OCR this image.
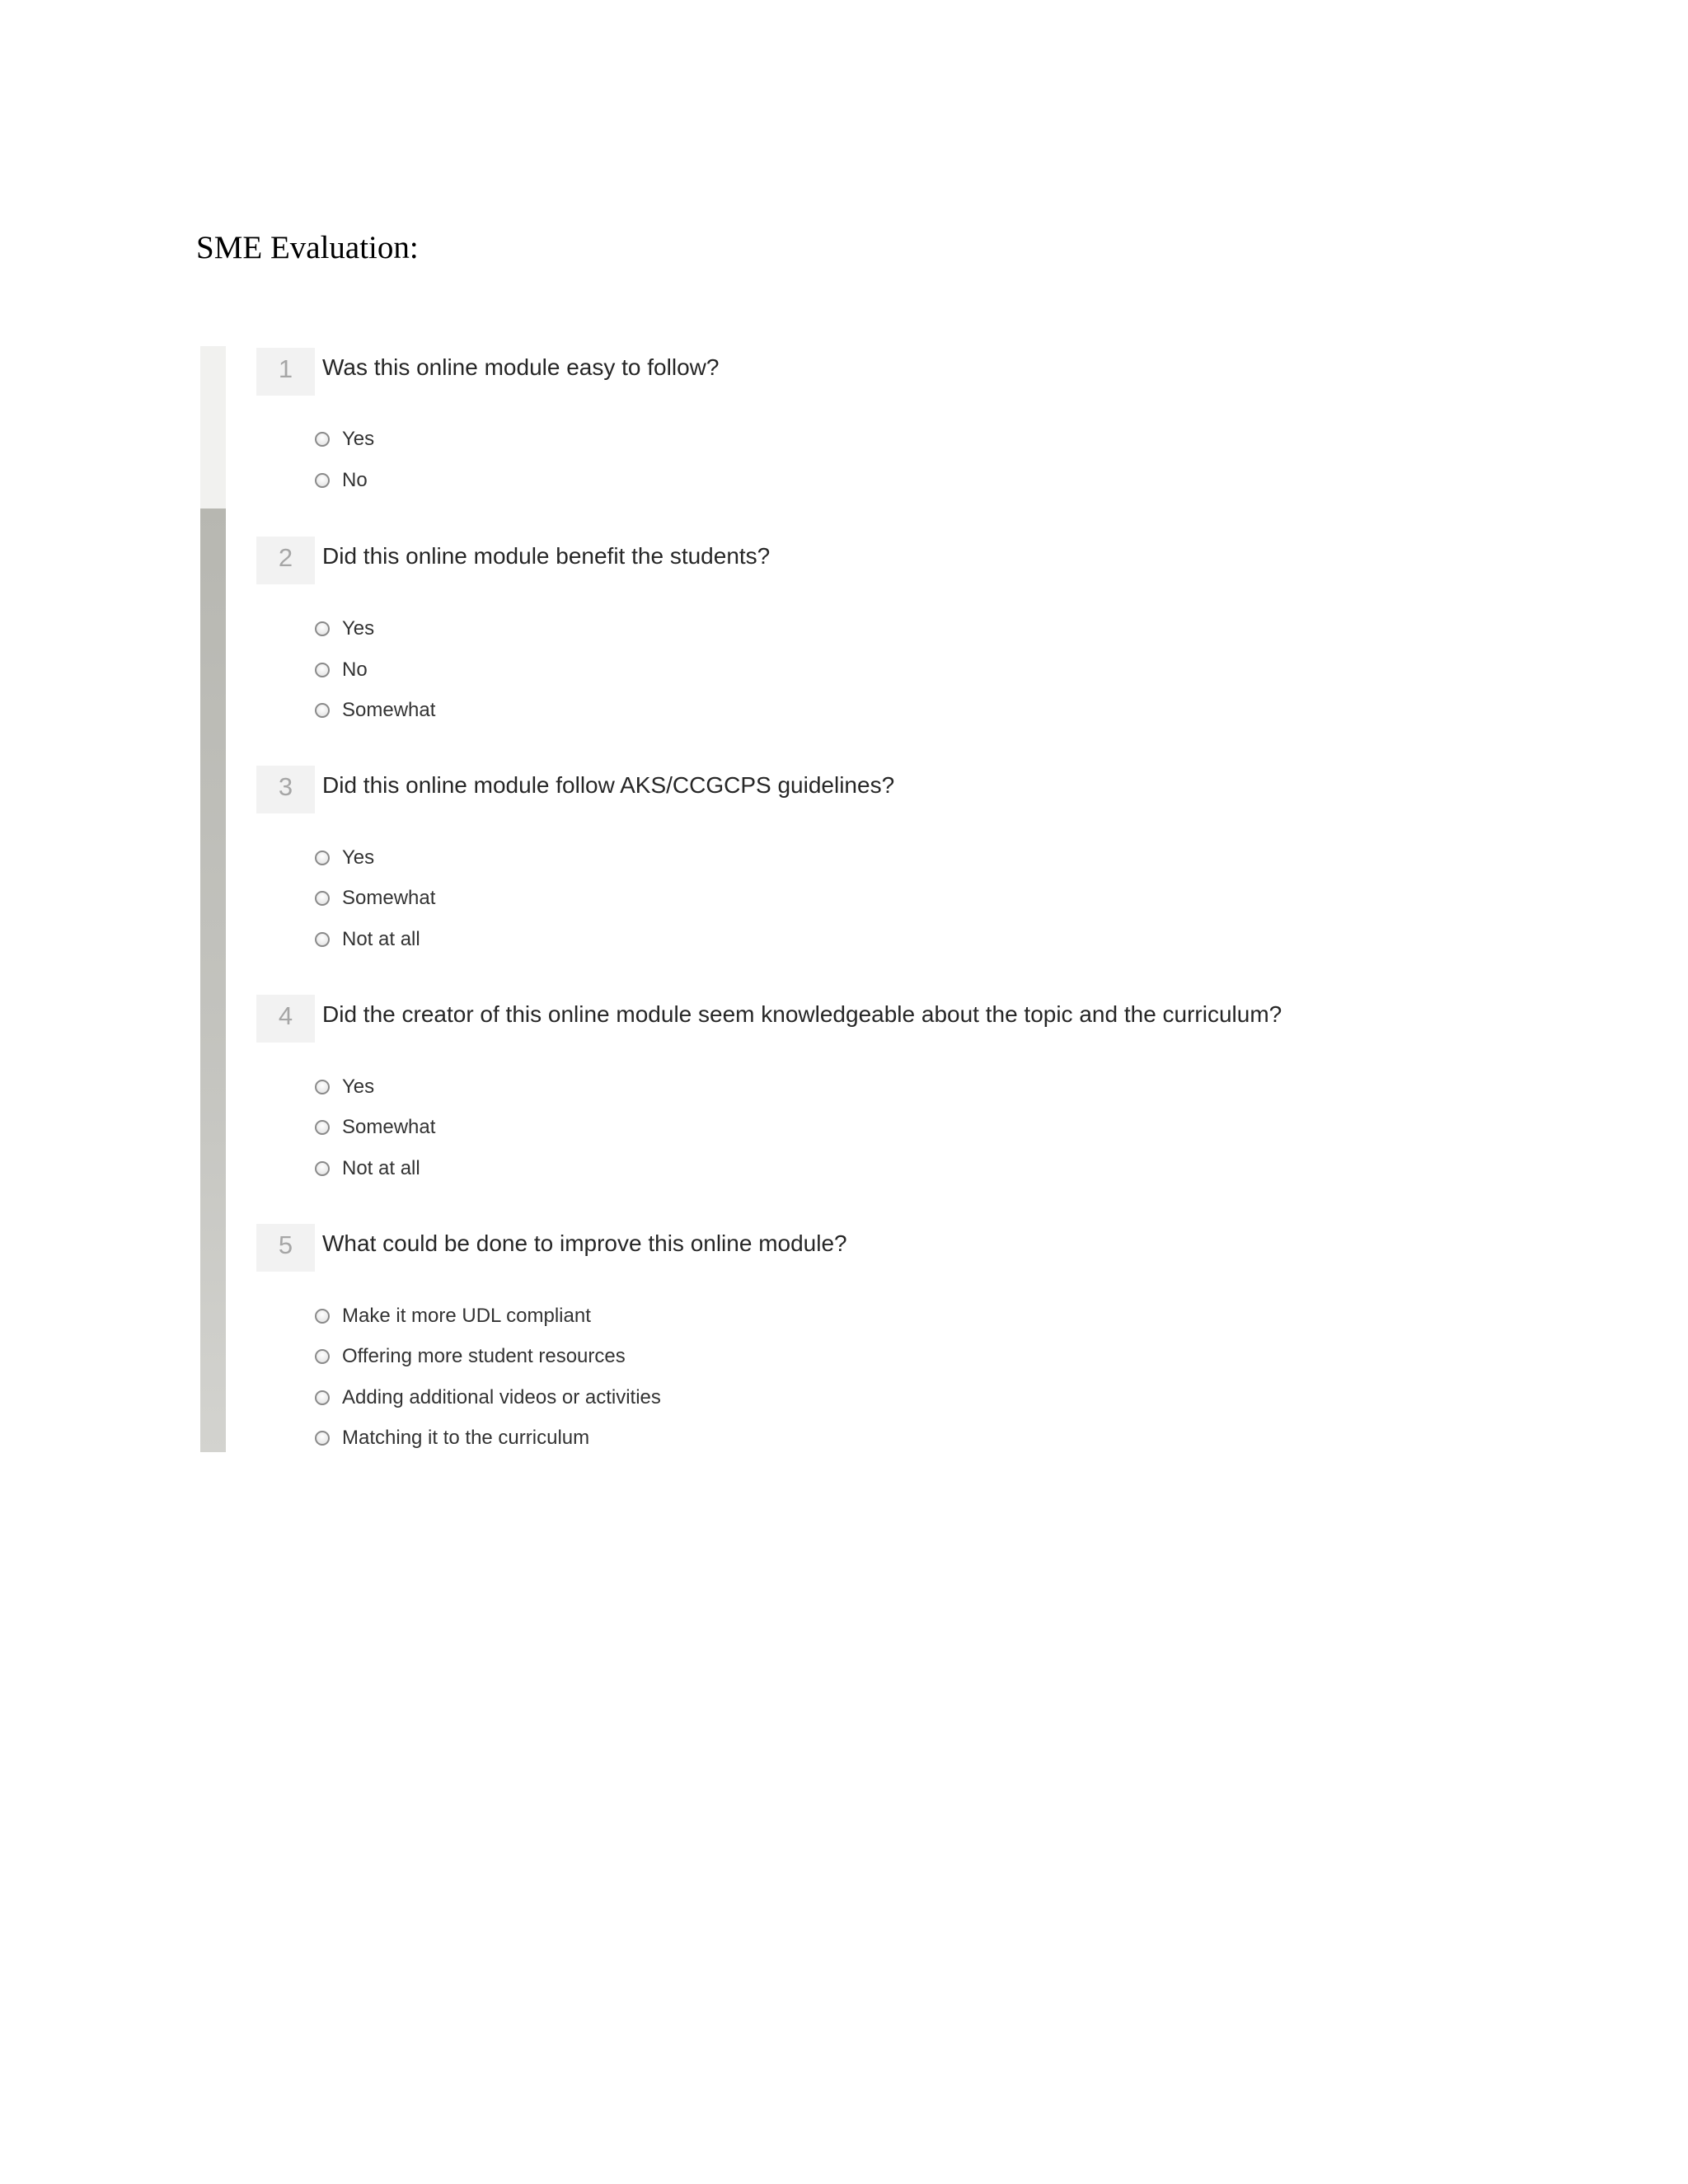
SME Evaluation:
1	Was this online module easy to follow?
Yes
No
2	Did this online module benefit the students?
Yes
No
Somewhat
3	Did this online module follow AKS/CCGCPS guidelines?
Yes
Somewhat
Not at all
4	Did the creator of this online module seem knowledgeable about the topic and the curriculum?
Yes
Somewhat
Not at all
5	What could be done to improve this online module?
Make it more UDL compliant
Offering more student resources
Adding additional videos or activities
Matching it to the curriculum
